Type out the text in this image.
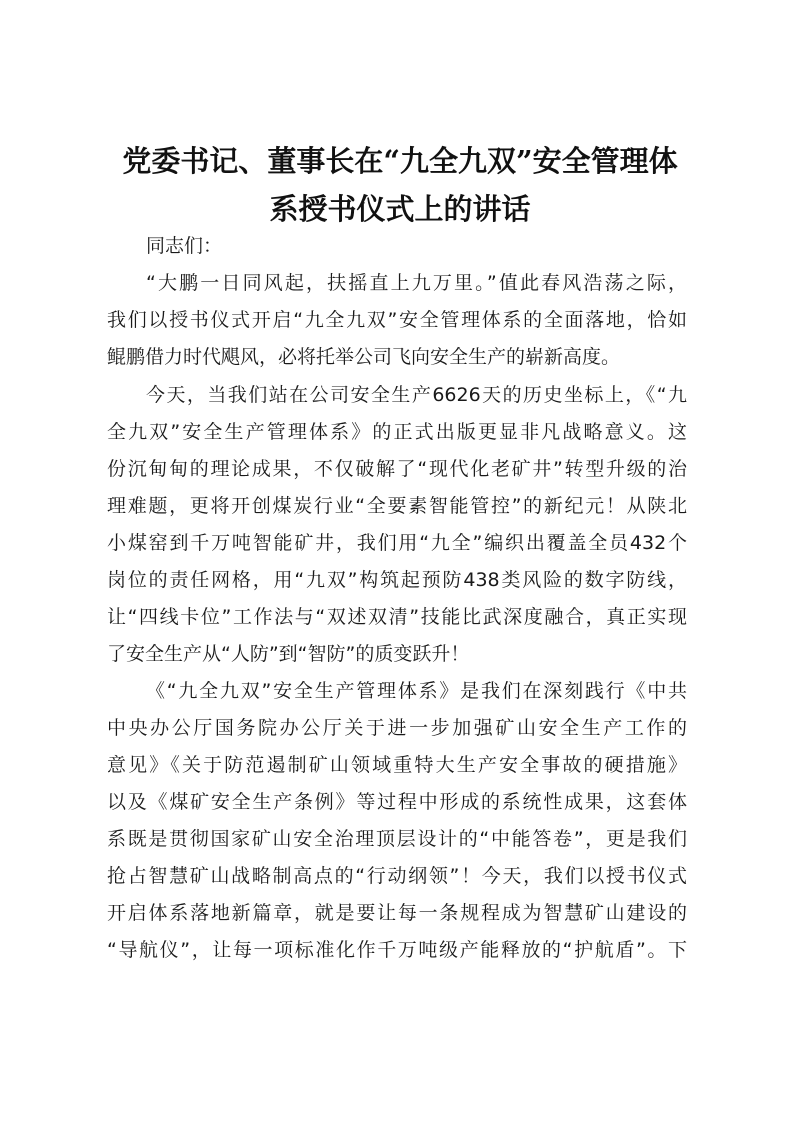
党委书记、董事长在“九全九双”安全管理体
系授书仪式上的讲话
同志们：
“大鹏一日同风起，扶摇直上九万里。”值此春风浩荡之际，
我们以授书仪式开启“九全九双”安全管理体系的全面落地，恰如
鲲鹏借力时代飓风，必将托举公司飞向安全生产的崭新高度。
今天，当我们站在公司安全生产6626天的历史坐标上，《“九
全九双”安全生产管理体系》的正式出版更显非凡战略意义。这
份沉甸甸的理论成果，不仅破解了“现代化老矿井”转型升级的治
理难题，更将开创煤炭行业“全要素智能管控”的新纪元！从陕北
小煤窑到千万吨智能矿井，我们用“九全”编织出覆盖全员432个
岗位的责任网格，用“九双”构筑起预防438类风险的数字防线，
让“四线卡位”工作法与“双述双清”技能比武深度融合，真正实现
了安全生产从“人防”到“智防”的质变跃升！
《“九全九双”安全生产管理体系》是我们在深刻践行《中共
中央办公厅国务院办公厅关于进一步加强矿山安全生产工作的
意见》《关于防范遏制矿山领域重特大生产安全事故的硬措施》
以及《煤矿安全生产条例》等过程中形成的系统性成果，这套体
系既是贯彻国家矿山安全治理顶层设计的“中能答卷”，更是我们
抢占智慧矿山战略制高点的“行动纲领”！今天，我们以授书仪式
开启体系落地新篇章，就是要让每一条规程成为智慧矿山建设的
“导航仪”，让每一项标准化作千万吨级产能释放的“护航盾”。下
